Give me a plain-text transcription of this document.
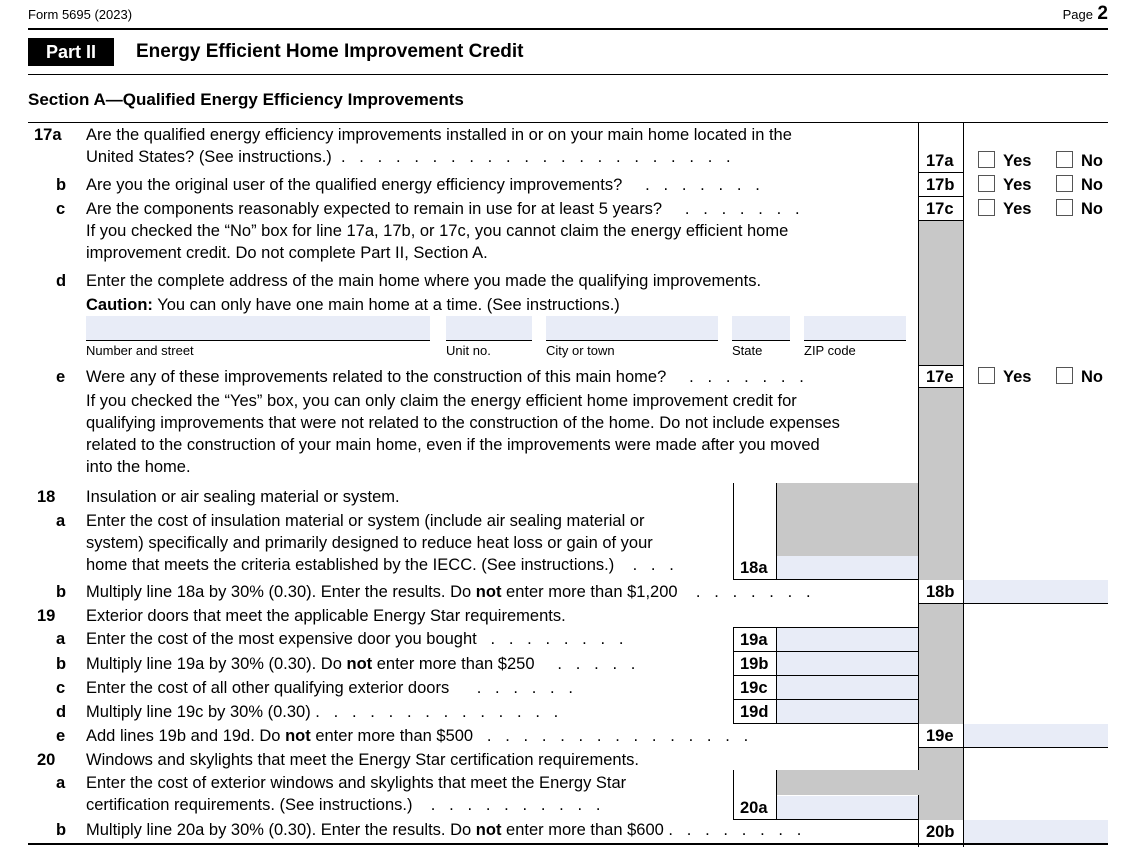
Form 5695 (2023)	Page 2
Part II	Energy Efficient Home Improvement Credit
Section A—Qualified Energy Efficiency Improvements
17a Are the qualified energy efficiency improvements installed in or on your main home located in the
United States? (See instructions.)  .   .   .   .   .   .   .   .   .   .   .   .   .   .   .   .   .   .   .   .   .   .	17a	Yes	No
b Are you the original user of the qualified energy efficiency improvements?     .   .   .   .   .   .   .	17b	Yes	No
c Are the components reasonably expected to remain in use for at least 5 years?     .   .   .   .   .   .   .	17c	Yes	No
If you checked the “No” box for line 17a, 17b, or 17c, you cannot claim the energy efficient home
improvement credit. Do not complete Part II, Section A.
d Enter the complete address of the main home where you made the qualifying improvements.
Caution: You can only have one main home at a time. (See instructions.)
Number and street	Unit no.	City or town	State	ZIP code
e Were any of these improvements related to the construction of this main home?     .   .   .   .   .   .   .	17e	Yes	No
If you checked the “Yes” box, you can only claim the energy efficient home improvement credit for
qualifying improvements that were not related to the construction of the home. Do not include expenses
related to the construction of your main home, even if the improvements were made after you moved
into the home.
18 Insulation or air sealing material or system.
a Enter the cost of insulation material or system (include air sealing material or
system) specifically and primarily designed to reduce heat loss or gain of your
home that meets the criteria established by the IECC. (See instructions.)    .   .   .	18a
b Multiply line 18a by 30% (0.30). Enter the results. Do not enter more than $1,200    .   .   .   .   .   .   .	18b
19 Exterior doors that meet the applicable Energy Star requirements.
a Enter the cost of the most expensive door you bought   .   .   .   .   .   .   .   .	19a
b Multiply line 19a by 30% (0.30). Do not enter more than $250     .   .   .   .   .	19b
c Enter the cost of all other qualifying exterior doors      .   .   .   .   .   .	19c
d Multiply line 19c by 30% (0.30) .   .   .   .   .   .   .   .   .   .   .   .   .   .	19d
e Add lines 19b and 19d. Do not enter more than $500   .   .   .   .   .   .   .   .   .   .   .   .   .   .   .	19e
20 Windows and skylights that meet the Energy Star certification requirements.
a Enter the cost of exterior windows and skylights that meet the Energy Star
certification requirements. (See instructions.)    .   .   .   .   .   .   .   .   .   .	20a
b Multiply line 20a by 30% (0.30). Enter the results. Do not enter more than $600 .   .   .   .   .   .   .   .	20b
